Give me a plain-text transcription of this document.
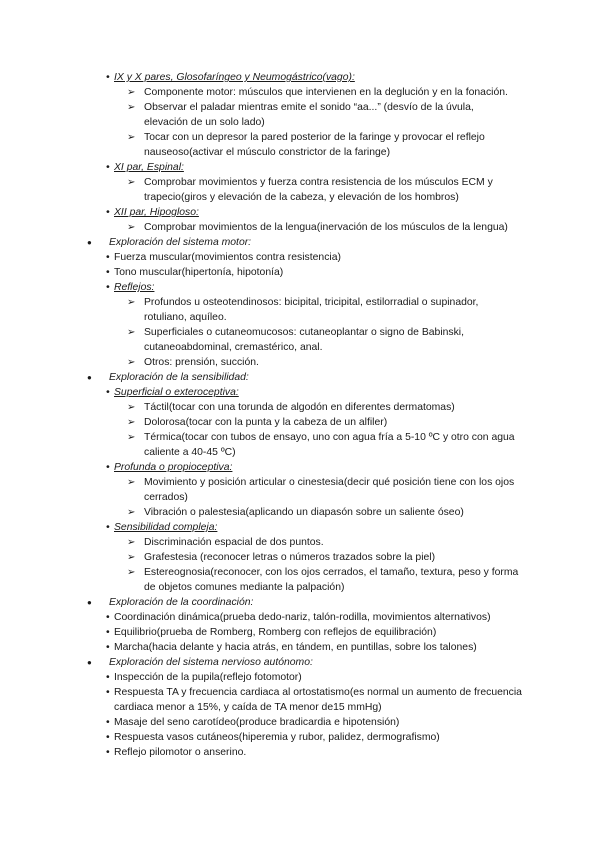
• IX y X pares, Glosofaríngeo y Neumogástrico(vago):
➢ Componente motor: músculos que intervienen en la deglución y en la fonación.
➢ Observar el paladar mientras emite el sonido “aa...” (desvío de la úvula, elevación de un solo lado)
➢ Tocar con un depresor la pared posterior de la faringe y provocar el reflejo nauseoso(activar el músculo constrictor de la faringe)
• XI par, Espinal:
➢ Comprobar movimientos y fuerza contra resistencia de los músculos ECM y trapecio(giros y elevación de la cabeza, y elevación de los hombros)
• XII par, Hipogloso:
➢ Comprobar movimientos de la lengua(inervación de los músculos de la lengua)
● Exploración del sistema motor:
• Fuerza muscular(movimientos contra resistencia)
• Tono muscular(hipertonía, hipotonía)
• Reflejos:
➢ Profundos u osteotendinosos: bicipital, tricipital, estilorradial o supinador, rotuliano, aquíleo.
➢ Superficiales o cutaneomucosos: cutaneoplantar o signo de Babinski, cutaneoabdominal, cremastérico, anal.
➢ Otros: prensión, succión.
● Exploración de la sensibilidad:
• Superficial o exteroceptiva:
➢ Táctil(tocar con una torunda de algodón en diferentes dermatomas)
➢ Dolorosa(tocar con la punta y la cabeza de un alfiler)
➢ Térmica(tocar con tubos de ensayo, uno con agua fría a 5-10 ºC y otro con agua caliente a 40-45 ºC)
• Profunda o propioceptiva:
➢ Movimiento y posición articular o cinestesia(decir qué posición tiene con los ojos cerrados)
➢ Vibración o palestesia(aplicando un diapasón sobre un saliente óseo)
• Sensibilidad compleja:
➢ Discriminación espacial de dos puntos.
➢ Grafestesia (reconocer letras o números trazados sobre la piel)
➢ Estereognosia(reconocer, con los ojos cerrados, el tamaño, textura, peso y forma de objetos comunes mediante la palpación)
● Exploración de la coordinación:
• Coordinación dinámica(prueba dedo-nariz, talón-rodilla, movimientos alternativos)
• Equilibrio(prueba de Romberg, Romberg con reflejos de equilibración)
• Marcha(hacia delante y hacia atrás, en tándem, en puntillas, sobre los talones)
● Exploración del sistema nervioso autónomo:
• Inspección de la pupila(reflejo fotomotor)
• Respuesta TA y frecuencia cardiaca al ortostatismo(es normal un aumento de frecuencia cardiaca menor a 15%, y caída de TA menor de15 mmHg)
• Masaje del seno carotídeo(produce bradicardia e hipotensión)
• Respuesta vasos cutáneos(hiperemia y rubor, palidez, dermografismo)
• Reflejo pilomotor o anserino.
